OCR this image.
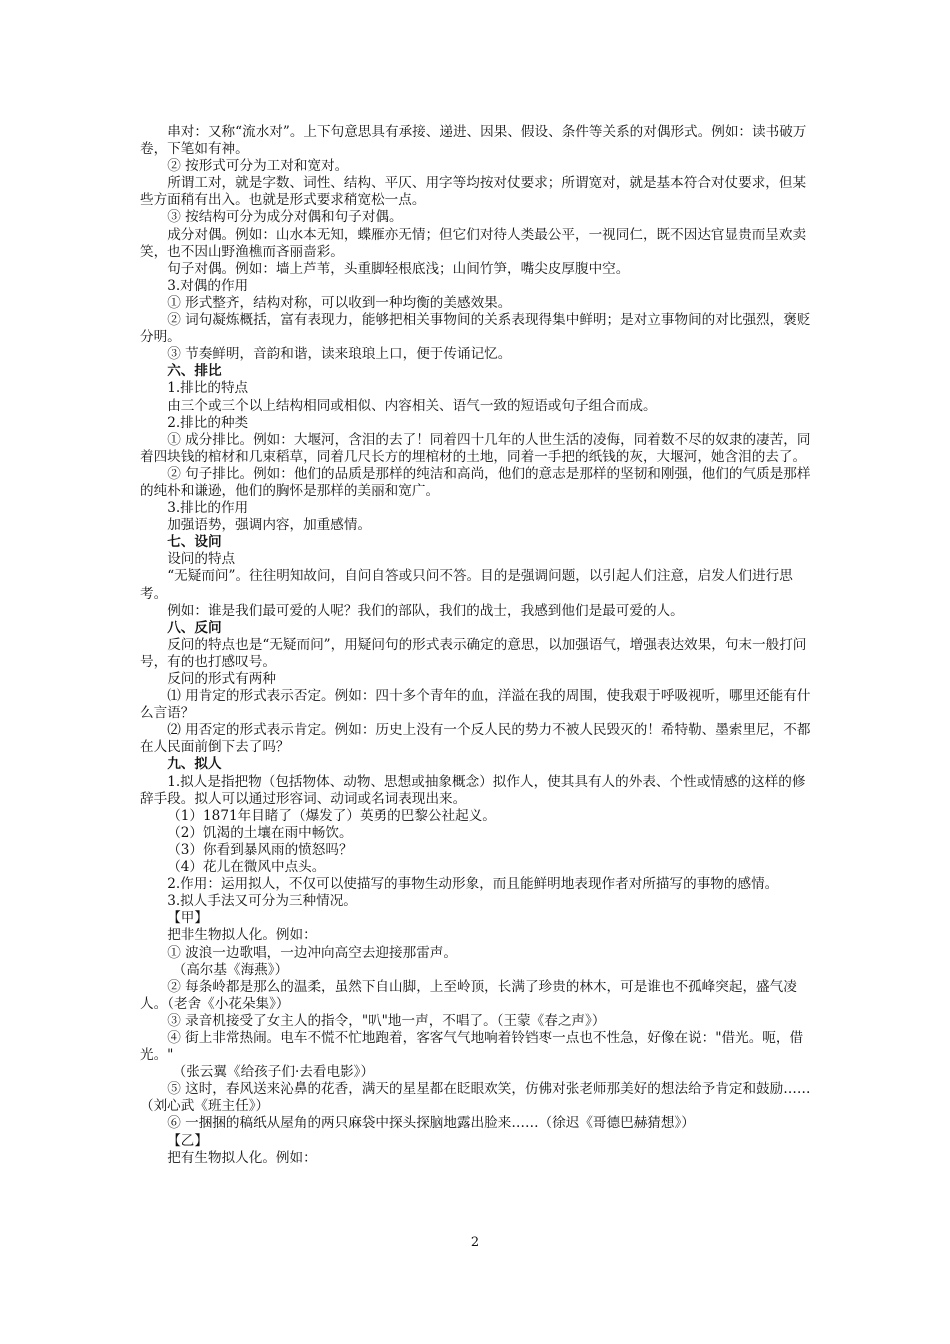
串对：又称“流水对”。上下句意思具有承接、递进、因果、假设、条件等关系的对偶形式。例如：读书破万卷，下笔如有神。

② 按形式可分为工对和宽对。

所谓工对，就是字数、词性、结构、平仄、用字等均按对仗要求；所谓宽对，就是基本符合对仗要求，但某些方面稍有出入。也就是形式要求稍宽松一点。

③ 按结构可分为成分对偶和句子对偶。

成分对偶。例如：山水本无知，蝶雁亦无情；但它们对待人类最公平，一视同仁，既不因达官显贵而呈欢卖笑，也不因山野渔樵而吝丽啬彩。

句子对偶。例如：墙上芦苇，头重脚轻根底浅；山间竹笋，嘴尖皮厚腹中空。

3.对偶的作用

① 形式整齐，结构对称，可以收到一种均衡的美感效果。

② 词句凝炼概括，富有表现力，能够把相关事物间的关系表现得集中鲜明；是对立事物间的对比强烈，褒贬分明。

③ 节奏鲜明，音韵和谐，读来琅琅上口，便于传诵记忆。

六、排比

1.排比的特点

由三个或三个以上结构相同或相似、内容相关、语气一致的短语或句子组合而成。

2.排比的种类

① 成分排比。例如：大堰河，含泪的去了！同着四十几年的人世生活的凌侮，同着数不尽的奴隶的凄苦，同着四块钱的棺材和几束稻草，同着几尺长方的埋棺材的土地，同着一手把的纸钱的灰，大堰河，她含泪的去了。

② 句子排比。例如：他们的品质是那样的纯洁和高尚，他们的意志是那样的坚韧和刚强，他们的气质是那样的纯朴和谦逊，他们的胸怀是那样的美丽和宽广。

3.排比的作用

加强语势，强调内容，加重感情。

七、设问

设问的特点

“无疑而问”。往往明知故问，自问自答或只问不答。目的是强调问题，以引起人们注意，启发人们进行思考。

例如：谁是我们最可爱的人呢？我们的部队，我们的战士，我感到他们是最可爱的人。

八、反问

反问的特点也是“无疑而问”，用疑问句的形式表示确定的意思，以加强语气，增强表达效果，句末一般打问号，有的也打感叹号。

反问的形式有两种

⑴ 用肯定的形式表示否定。例如：四十多个青年的血，洋溢在我的周围，使我艰于呼吸视听，哪里还能有什么言语？

⑵ 用否定的形式表示肯定。例如：历史上没有一个反人民的势力不被人民毁灭的！希特勒、墨索里尼，不都在人民面前倒下去了吗？

九、拟人

1.拟人是指把物（包括物体、动物、思想或抽象概念）拟作人，使其具有人的外表、个性或情感的这样的修辞手段。拟人可以通过形容词、动词或名词表现出来。

（1）1871年目睹了（爆发了）英勇的巴黎公社起义。

（2）饥渴的土壤在雨中畅饮。

（3）你看到暴风雨的愤怒吗？

（4）花儿在微风中点头。

2.作用：运用拟人，不仅可以使描写的事物生动形象，而且能鲜明地表现作者对所描写的事物的感情。

3.拟人手法又可分为三种情况。

【甲】

把非生物拟人化。例如：

① 波浪一边歌唱，一边冲向高空去迎接那雷声。

（高尔基《海燕》）

② 每条岭都是那么的温柔，虽然下自山脚，上至岭顶，长满了珍贵的林木，可是谁也不孤峰突起，盛气凌人。（老舍《小花朵集》）

③ 录音机接受了女主人的指令，"叭"地一声，不唱了。（王蒙《春之声》）

④ 街上非常热闹。电车不慌不忙地跑着，客客气气地响着铃铛枣一点也不性急，好像在说："借光。呃，借光。"

（张云翼《给孩子们·去看电影》）

⑤ 这时，春风送来沁鼻的花香，满天的星星都在眨眼欢笑，仿佛对张老师那美好的想法给予肯定和鼓励……（刘心武《班主任》）

⑥ 一捆捆的稿纸从屋角的两只麻袋中探头探脑地露出脸来……（徐迟《哥德巴赫猜想》）

【乙】

把有生物拟人化。例如：

2
